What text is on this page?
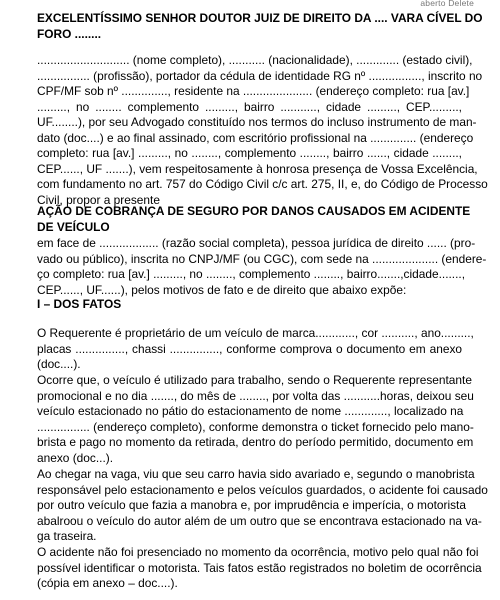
aberto Delete
EXCELENTÍSSIMO SENHOR DOUTOR JUIZ DE DIREITO DA .... VARA CÍVEL DO
FORO ........
............................ (nome completo), ........... (nacionalidade), ............. (estado civil),
................ (profissão), portador da cédula de identidade RG nº ................, inscrito no
CPF/MF sob nº .............., residente na ..................... (endereço completo: rua [av.]
........., no ........ complemento ........., bairro ..........., cidade ........., CEP.........,
UF........), por seu Advogado constituído nos termos do incluso instrumento de man-
dato (doc....) e ao final assinado, com escritório profissional na .............. (endereço
completo: rua [av.] ........., no ........, complemento ........, bairro ......, cidade ........,
CEP......, UF .......), vem respeitosamente à honrosa presença de Vossa Excelência,
com fundamento no art. 757 do Código Civil c/c art. 275, II, e, do Código de Processo
Civil, propor a presente
AÇÃO DE COBRANÇA DE SEGURO POR DANOS CAUSADOS EM ACIDENTE
DE VEÍCULO
em face de .................. (razão social completa), pessoa jurídica de direito ...... (pro-
vado ou público), inscrita no CNPJ/MF (ou CGC), com sede na .................... (endere-
ço completo: rua [av.] ........., no ........, complemento ........, bairro.......,cidade.......,
CEP......, UF......), pelos motivos de fato e de direito que abaixo expõe:
I – DOS FATOS
O Requerente é proprietário de um veículo de marca............, cor .........., ano.........,
placas ..............., chassi ..............., conforme comprova o documento em anexo
(doc....).
Ocorre que, o veículo é utilizado para trabalho, sendo o Requerente representante
promocional e no dia ......., do mês de ........, por volta das ...........horas, deixou seu
veículo estacionado no pátio do estacionamento de nome ............., localizado na
................ (endereço completo), conforme demonstra o ticket fornecido pelo mano-
brista e pago no momento da retirada, dentro do período permitido, documento em
anexo (doc...).
Ao chegar na vaga, viu que seu carro havia sido avariado e, segundo o manobrista
responsável pelo estacionamento e pelos veículos guardados, o acidente foi causado
por outro veículo que fazia a manobra e, por imprudência e imperícia, o motorista
abalroou o veículo do autor além de um outro que se encontrava estacionado na va-
ga traseira.
O acidente não foi presenciado no momento da ocorrência, motivo pelo qual não foi
possível identificar o motorista. Tais fatos estão registrados no boletim de ocorrência
(cópia em anexo – doc....).
